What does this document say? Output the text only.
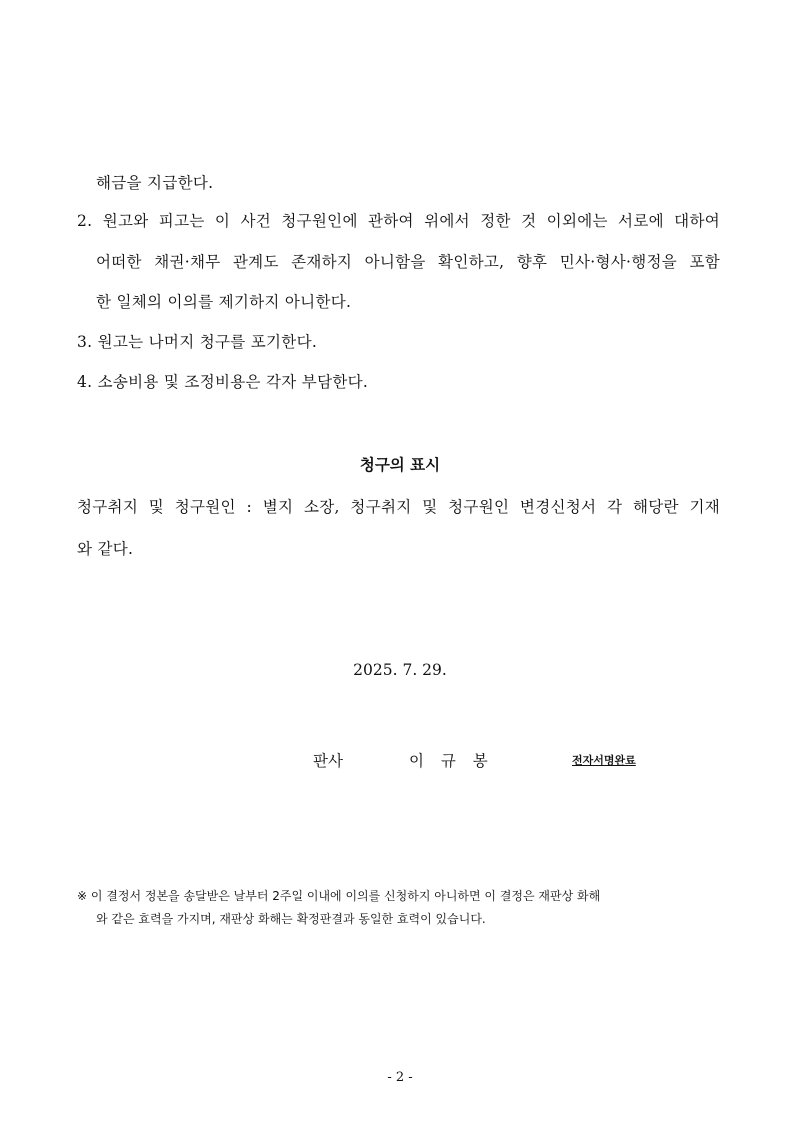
해금을 지급한다.
2. 원고와 피고는 이 사건 청구원인에 관하여 위에서 정한 것 이외에는 서로에 대하여
어떠한 채권·채무 관계도 존재하지 아니함을 확인하고, 향후 민사·형사·행정을 포함
한 일체의 이의를 제기하지 아니한다.
3. 원고는 나머지 청구를 포기한다.
4. 소송비용 및 조정비용은 각자 부담한다.
청구의 표시
청구취지 및 청구원인 : 별지 소장, 청구취지 및 청구원인 변경신청서 각 해당란 기재
와 같다.
2025. 7. 29.
판사	이 규 봉	전자서명완료
※ 이 결정서 정본을 송달받은 날부터 2주일 이내에 이의를 신청하지 아니하면 이 결정은 재판상 화해
와 같은 효력을 가지며, 재판상 화해는 확정판결과 동일한 효력이 있습니다.
- 2 -
